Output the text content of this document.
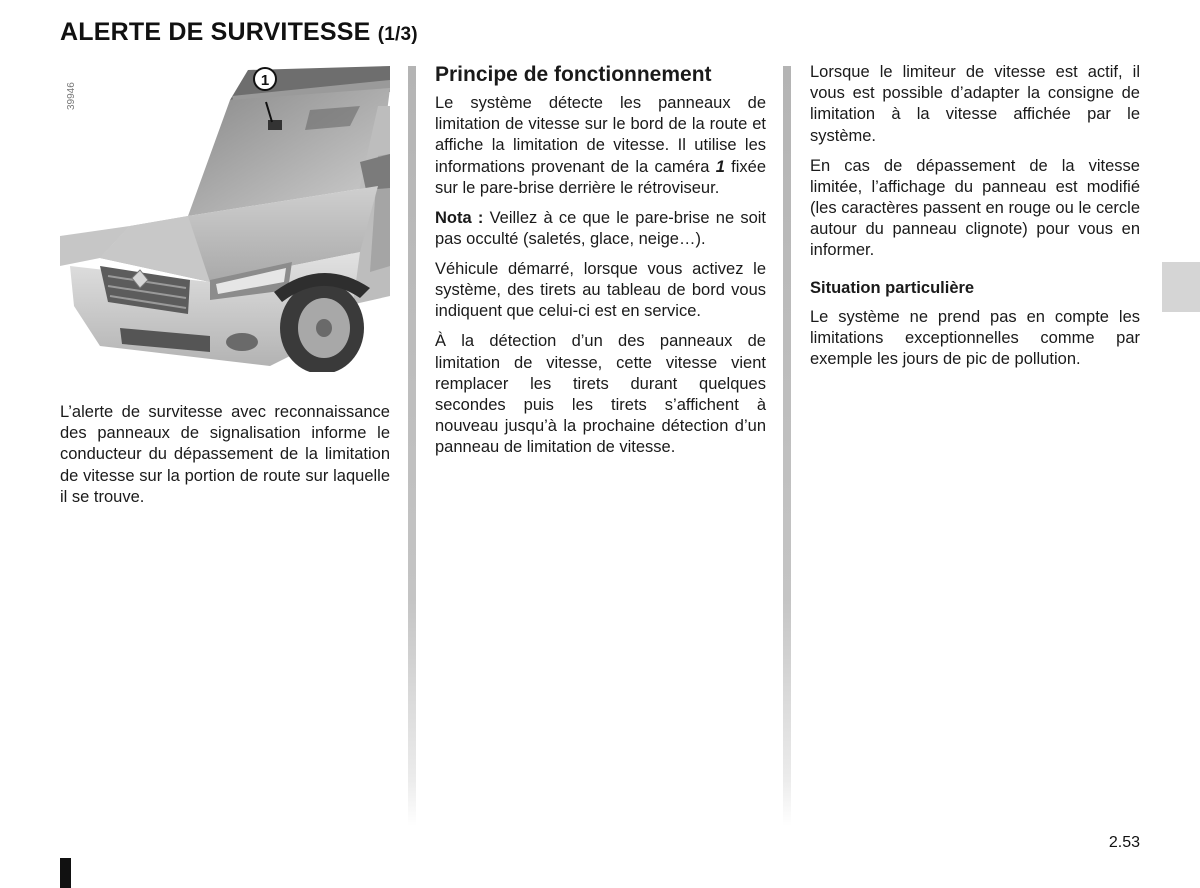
ALERTE DE SURVITESSE (1/3)
39946
1

L’alerte de survitesse avec reconnaissance des panneaux de signalisation informe le conducteur du dépassement de la limitation de vitesse sur la portion de route sur laquelle il se trouve.

Principe de fonctionnement

Le système détecte les panneaux de limitation de vitesse sur le bord de la route et affiche la limitation de vitesse. Il utilise les informations provenant de la caméra 1 fixée sur le pare-brise derrière le rétroviseur.

Nota : Veillez à ce que le pare-brise ne soit pas occulté (saletés, glace, neige…).

Véhicule démarré, lorsque vous activez le système, des tirets au tableau de bord vous indiquent que celui-ci est en service.

À la détection d’un des panneaux de limitation de vitesse, cette vitesse vient remplacer les tirets durant quelques secondes puis les tirets s’affichent à nouveau jusqu’à la prochaine détection d’un panneau de limitation de vitesse.

Lorsque le limiteur de vitesse est actif, il vous est possible d’adapter la consigne de limitation à la vitesse affichée par le système.

En cas de dépassement de la vitesse limitée, l’affichage du panneau est modifié (les caractères passent en rouge ou le cercle autour du panneau clignote) pour vous en informer.

Situation particulière

Le système ne prend pas en compte les limitations exceptionnelles comme par exemple les jours de pic de pollution.

2.53
